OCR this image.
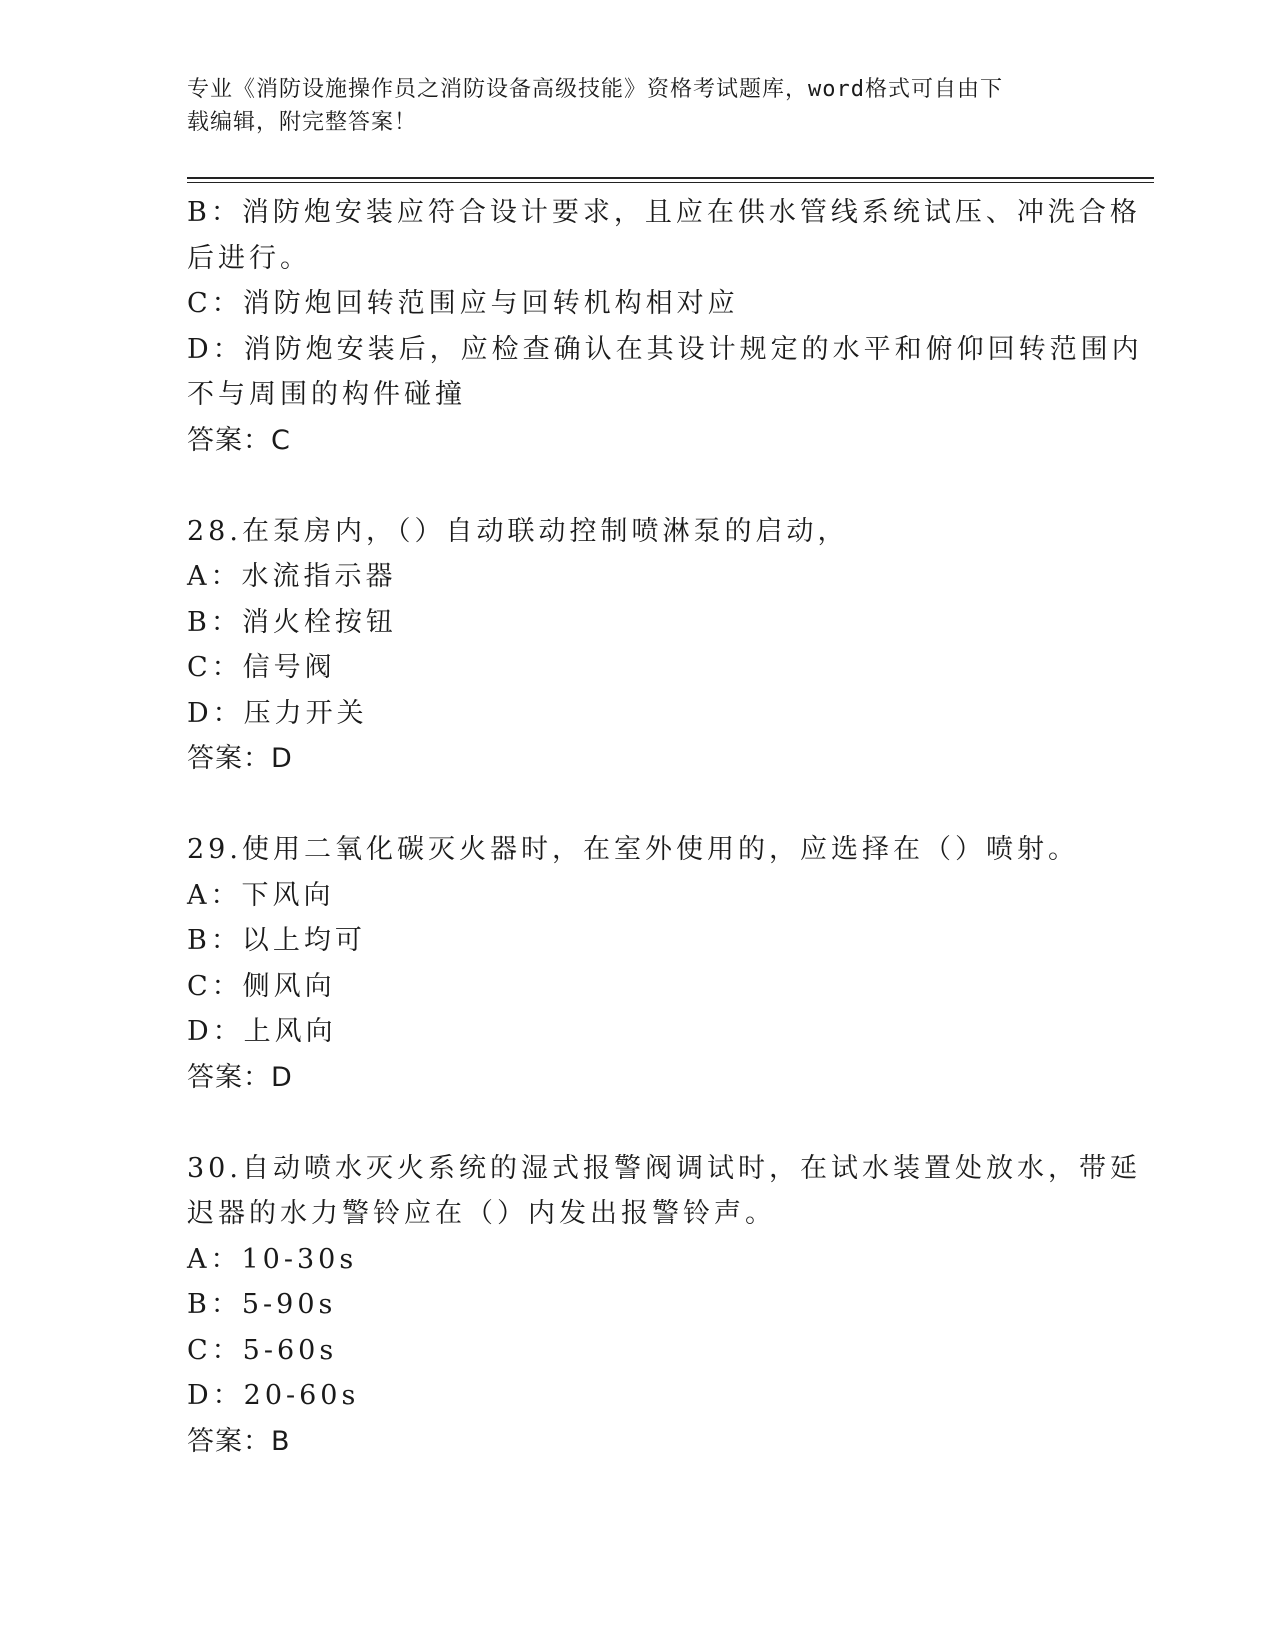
专业《消防设施操作员之消防设备高级技能》资格考试题库，word格式可自由下
载编辑，附完整答案！
B：消防炮安装应符合设计要求，且应在供水管线系统试压、冲洗合格
后进行。
C：消防炮回转范围应与回转机构相对应
D：消防炮安装后，应检查确认在其设计规定的水平和俯仰回转范围内
不与周围的构件碰撞
答案：C
28.在泵房内，（）自动联动控制喷淋泵的启动，
A：水流指示器
B：消火栓按钮
C：信号阀
D：压力开关
答案：D
29.使用二氧化碳灭火器时，在室外使用的，应选择在（）喷射。
A：下风向
B：以上均可
C：侧风向
D：上风向
答案：D
30.自动喷水灭火系统的湿式报警阀调试时，在试水装置处放水，带延
迟器的水力警铃应在（）内发出报警铃声。
A：10-30s
B：5-90s
C：5-60s
D：20-60s
答案：B
